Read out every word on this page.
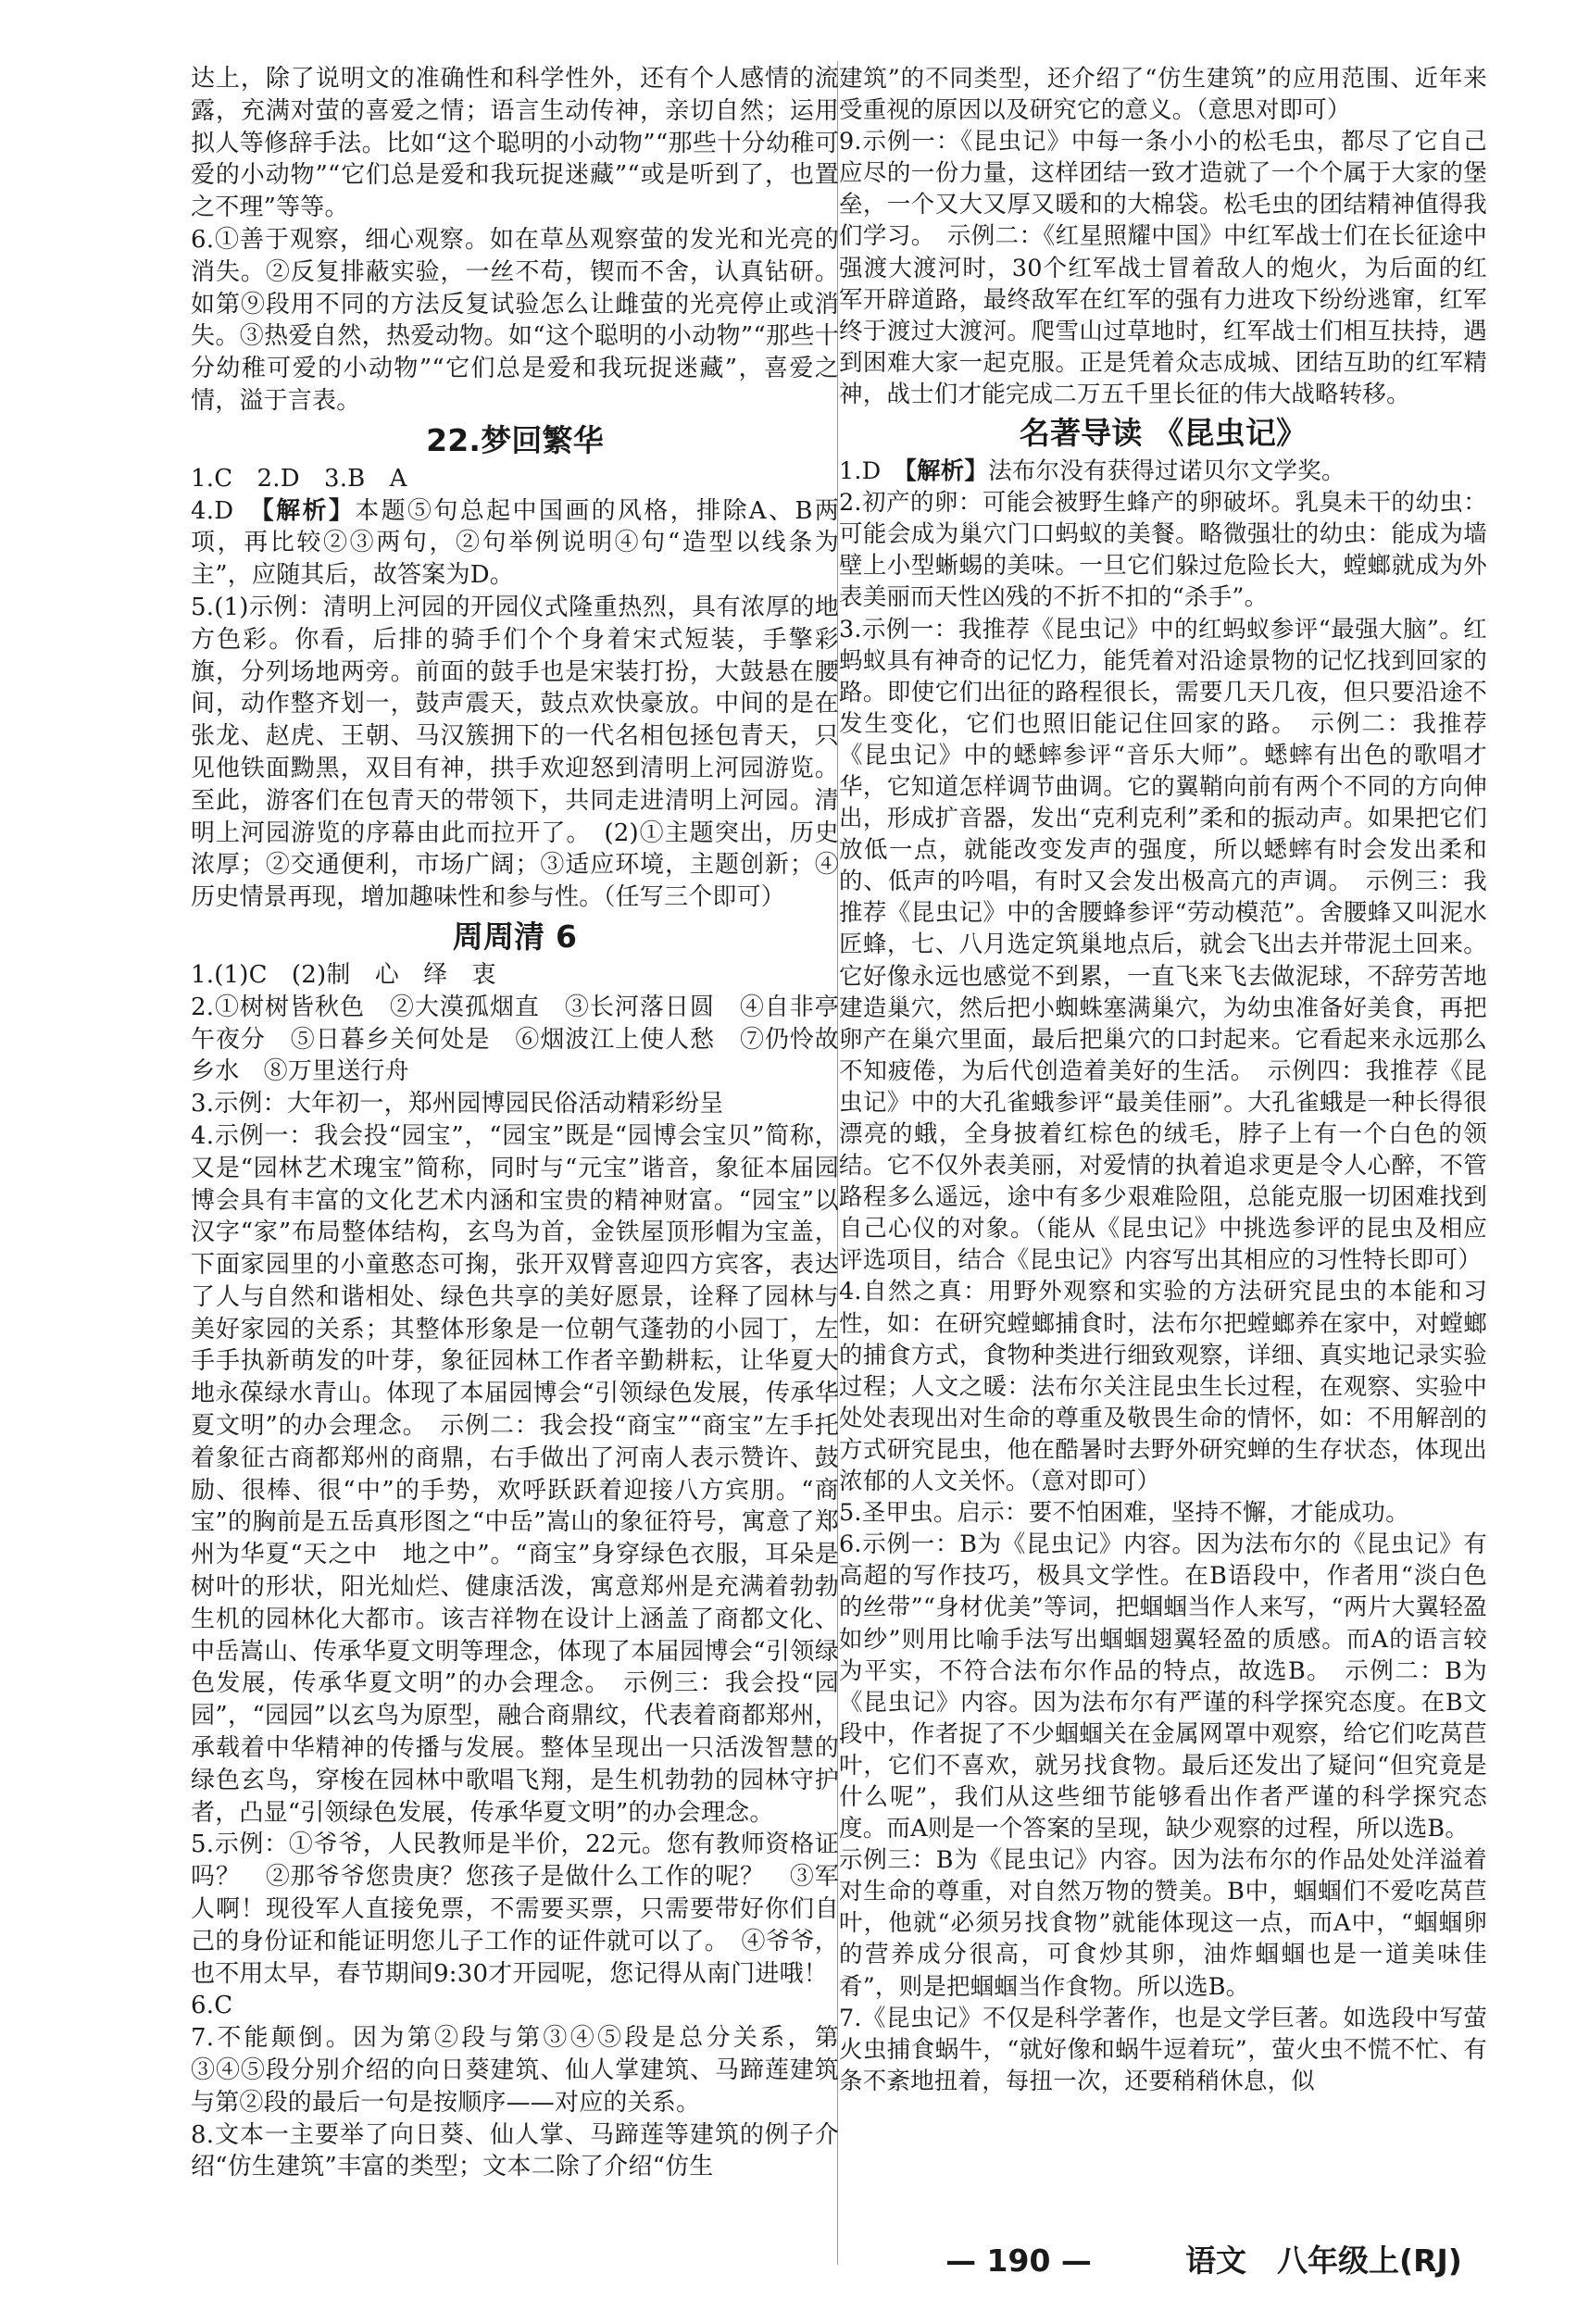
达上，除了说明文的准确性和科学性外，还有个人感情的流露，充满对萤的喜爱之情；语言生动传神，亲切自然；运用拟人等修辞手法。比如“这个聪明的小动物”“那些十分幼稚可爱的小动物”“它们总是爱和我玩捉迷藏”“或是听到了，也置之不理”等等。

6.①善于观察，细心观察。如在草丛观察萤的发光和光亮的消失。②反复排蔽实验，一丝不苟，锲而不舍，认真钻研。如第⑨段用不同的方法反复试验怎么让雌萤的光亮停止或消失。③热爱自然，热爱动物。如“这个聪明的小动物”“那些十分幼稚可爱的小动物”“它们总是爱和我玩捉迷藏”，喜爱之情，溢于言表。

22.梦回繁华

1.C　2.D　3.B　A

4.D　【解析】本题⑤句总起中国画的风格，排除A、B两项，再比较②③两句，②句举例说明④句“造型以线条为主”，应随其后，故答案为D。

5.(1)示例：清明上河园的开园仪式隆重热烈，具有浓厚的地方色彩。你看，后排的骑手们个个身着宋式短装，手擎彩旗，分列场地两旁。前面的鼓手也是宋装打扮，大鼓悬在腰间，动作整齐划一，鼓声震天，鼓点欢快豪放。中间的是在张龙、赵虎、王朝、马汉簇拥下的一代名相包拯包青天，只见他铁面黝黑，双目有神，拱手欢迎怒到清明上河园游览。至此，游客们在包青天的带领下，共同走进清明上河园。清明上河园游览的序幕由此而拉开了。　(2)①主题突出，历史浓厚；②交通便利，市场广阔；③适应环境，主题创新；④历史情景再现，增加趣味性和参与性。（任写三个即可）

周周清 6

1.(1)C　(2)制　心　绎　衷

2.①树树皆秋色　②大漠孤烟直　③长河落日圆　④自非亭午夜分　⑤日暮乡关何处是　⑥烟波江上使人愁　⑦仍怜故乡水　⑧万里送行舟

3.示例：大年初一，郑州园博园民俗活动精彩纷呈

4.示例一：我会投“园宝”，“园宝”既是“园博会宝贝”简称，又是“园林艺术瑰宝”简称，同时与“元宝”谐音，象征本届园博会具有丰富的文化艺术内涵和宝贵的精神财富。“园宝”以汉字“家”布局整体结构，玄鸟为首，金铁屋顶形帽为宝盖，下面家园里的小童憨态可掬，张开双臂喜迎四方宾客，表达了人与自然和谐相处、绿色共享的美好愿景，诠释了园林与美好家园的关系；其整体形象是一位朝气蓬勃的小园丁，左手手执新萌发的叶芽，象征园林工作者辛勤耕耘，让华夏大地永葆绿水青山。体现了本届园博会“引领绿色发展，传承华夏文明”的办会理念。　示例二：我会投“商宝”“商宝”左手托着象征古商都郑州的商鼎，右手做出了河南人表示赞许、鼓励、很棒、很“中”的手势，欢呼跃跃着迎接八方宾朋。“商宝”的胸前是五岳真形图之“中岳”嵩山的象征符号，寓意了郑州为华夏“天之中　地之中”。“商宝”身穿绿色衣服，耳朵是树叶的形状，阳光灿烂、健康活泼，寓意郑州是充满着勃勃生机的园林化大都市。该吉祥物在设计上涵盖了商都文化、中岳嵩山、传承华夏文明等理念，体现了本届园博会“引领绿色发展，传承华夏文明”的办会理念。　示例三：我会投“园园”，“园园”以玄鸟为原型，融合商鼎纹，代表着商都郑州，承载着中华精神的传播与发展。整体呈现出一只活泼智慧的绿色玄鸟，穿梭在园林中歌唱飞翔，是生机勃勃的园林守护者，凸显“引领绿色发展，传承华夏文明”的办会理念。

5.示例：①爷爷，人民教师是半价，22元。您有教师资格证吗？　②那爷爷您贵庚？您孩子是做什么工作的呢？　③军人啊！现役军人直接免票，不需要买票，只需要带好你们自己的身份证和能证明您儿子工作的证件就可以了。　④爷爷，也不用太早，春节期间9:30才开园呢，您记得从南门进哦！

6.C

7.不能颠倒。因为第②段与第③④⑤段是总分关系，第③④⑤段分别介绍的向日葵建筑、仙人掌建筑、马蹄莲建筑与第②段的最后一句是按顺序——对应的关系。

8.文本一主要举了向日葵、仙人掌、马蹄莲等建筑的例子介绍“仿生建筑”丰富的类型；文本二除了介绍“仿生

建筑”的不同类型，还介绍了“仿生建筑”的应用范围、近年来受重视的原因以及研究它的意义。（意思对即可）

9.示例一：《昆虫记》中每一条小小的松毛虫，都尽了它自己应尽的一份力量，这样团结一致才造就了一个个属于大家的堡垒，一个又大又厚又暖和的大棉袋。松毛虫的团结精神值得我们学习。　示例二：《红星照耀中国》中红军战士们在长征途中强渡大渡河时，30个红军战士冒着敌人的炮火，为后面的红军开辟道路，最终敌军在红军的强有力进攻下纷纷逃窜，红军终于渡过大渡河。爬雪山过草地时，红军战士们相互扶持，遇到困难大家一起克服。正是凭着众志成城、团结互助的红军精神，战士们才能完成二万五千里长征的伟大战略转移。

名著导读 《昆虫记》

1.D　【解析】法布尔没有获得过诺贝尔文学奖。

2.初产的卵：可能会被野生蜂产的卵破坏。乳臭未干的幼虫：可能会成为巢穴门口蚂蚁的美餐。略微强壮的幼虫：能成为墙壁上小型蜥蜴的美味。一旦它们躲过危险长大，螳螂就成为外表美丽而天性凶残的不折不扣的“杀手”。

3.示例一：我推荐《昆虫记》中的红蚂蚁参评“最强大脑”。红蚂蚁具有神奇的记忆力，能凭着对沿途景物的记忆找到回家的路。即使它们出征的路程很长，需要几天几夜，但只要沿途不发生变化，它们也照旧能记住回家的路。　示例二：我推荐《昆虫记》中的蟋蟀参评“音乐大师”。蟋蟀有出色的歌唱才华，它知道怎样调节曲调。它的翼鞘向前有两个不同的方向伸出，形成扩音器，发出“克利克利”柔和的振动声。如果把它们放低一点，就能改变发声的强度，所以蟋蟀有时会发出柔和的、低声的吟唱，有时又会发出极高亢的声调。　示例三：我推荐《昆虫记》中的舍腰蜂参评“劳动模范”。舍腰蜂又叫泥水匠蜂，七、八月选定筑巢地点后，就会飞出去并带泥土回来。它好像永远也感觉不到累，一直飞来飞去做泥球，不辞劳苦地建造巢穴，然后把小蜘蛛塞满巢穴，为幼虫准备好美食，再把卵产在巢穴里面，最后把巢穴的口封起来。它看起来永远那么不知疲倦，为后代创造着美好的生活。　示例四：我推荐《昆虫记》中的大孔雀蛾参评“最美佳丽”。大孔雀蛾是一种长得很漂亮的蛾，全身披着红棕色的绒毛，脖子上有一个白色的领结。它不仅外表美丽，对爱情的执着追求更是令人心醉，不管路程多么遥远，途中有多少艰难险阻，总能克服一切困难找到自己心仪的对象。（能从《昆虫记》中挑选参评的昆虫及相应评选项目，结合《昆虫记》内容写出其相应的习性特长即可）

4.自然之真：用野外观察和实验的方法研究昆虫的本能和习性，如：在研究螳螂捕食时，法布尔把螳螂养在家中，对螳螂的捕食方式，食物种类进行细致观察，详细、真实地记录实验过程；人文之暖：法布尔关注昆虫生长过程，在观察、实验中处处表现出对生命的尊重及敬畏生命的情怀，如：不用解剖的方式研究昆虫，他在酷暑时去野外研究蝉的生存状态，体现出浓郁的人文关怀。（意对即可）

5.圣甲虫。启示：要不怕困难，坚持不懈，才能成功。

6.示例一：B为《昆虫记》内容。因为法布尔的《昆虫记》有高超的写作技巧，极具文学性。在B语段中，作者用“淡白色的丝带”“身材优美”等词，把蝈蝈当作人来写，“两片大翼轻盈如纱”则用比喻手法写出蝈蝈翅翼轻盈的质感。而A的语言较为平实，不符合法布尔作品的特点，故选B。　示例二：B为《昆虫记》内容。因为法布尔有严谨的科学探究态度。在B文段中，作者捉了不少蝈蝈关在金属网罩中观察，给它们吃莴苣叶，它们不喜欢，就另找食物。最后还发出了疑问“但究竟是什么呢”，我们从这些细节能够看出作者严谨的科学探究态度。而A则是一个答案的呈现，缺少观察的过程，所以选B。

示例三：B为《昆虫记》内容。因为法布尔的作品处处洋溢着对生命的尊重，对自然万物的赞美。B中，蝈蝈们不爱吃莴苣叶，他就“必须另找食物”就能体现这一点，而A中，“蝈蝈卵的营养成分很高，可食炒其卵，油炸蝈蝈也是一道美味佳肴”，则是把蝈蝈当作食物。所以选B。

7.《昆虫记》不仅是科学著作，也是文学巨著。如选段中写萤火虫捕食蜗牛，“就好像和蜗牛逗着玩”，萤火虫不慌不忙、有条不紊地扭着，每扭一次，还要稍稍休息，似

— 190 —	语文　八年级上(RJ)
